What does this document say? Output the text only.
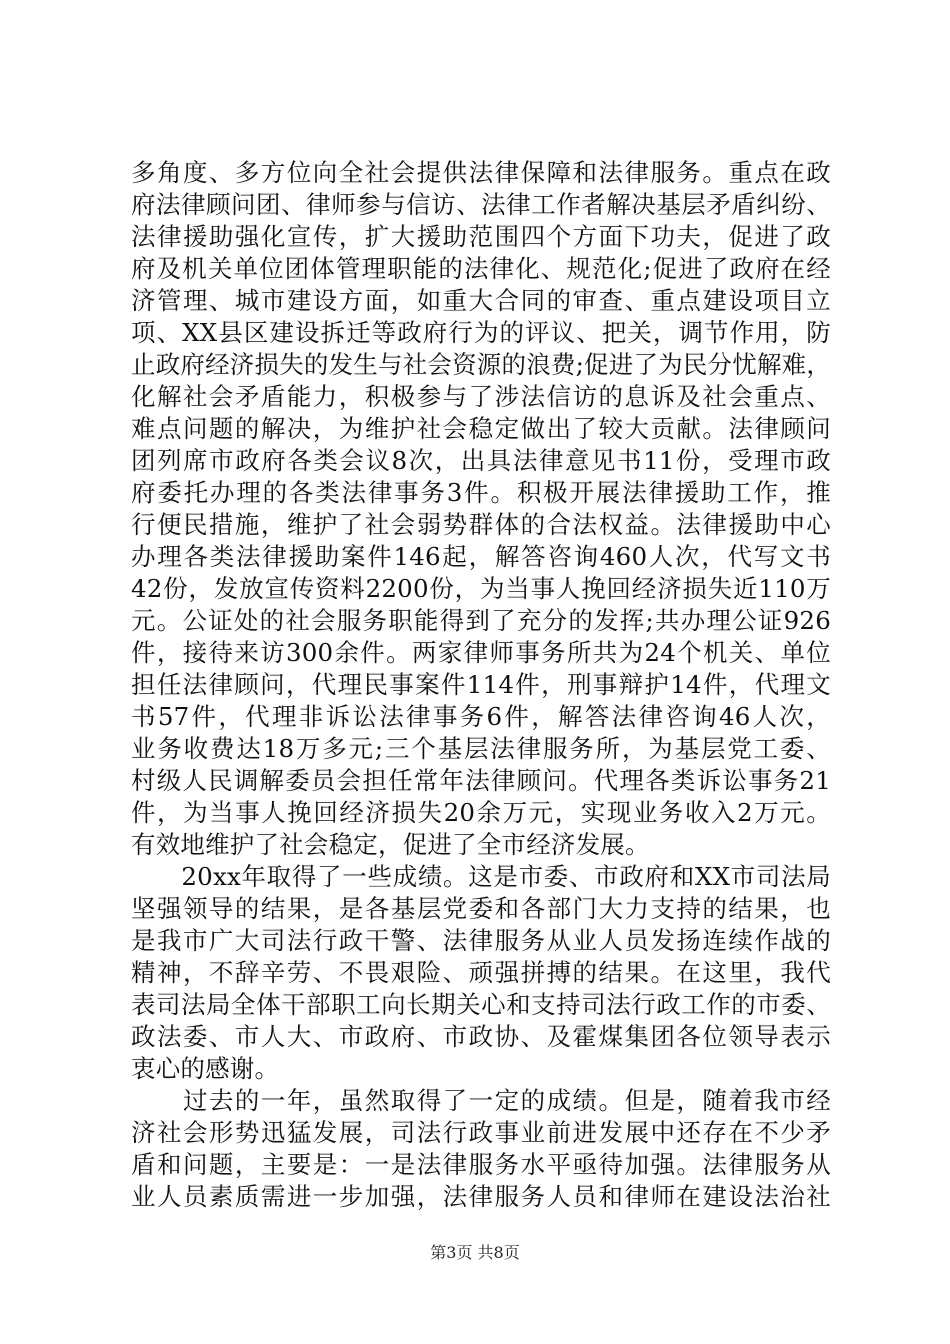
多角度、多方位向全社会提供法律保障和法律服务。重点在政
府法律顾问团、律师参与信访、法律工作者解决基层矛盾纠纷、
法律援助强化宣传，扩大援助范围四个方面下功夫，促进了政
府及机关单位团体管理职能的法律化、规范化;促进了政府在经
济管理、城市建设方面，如重大合同的审查、重点建设项目立
项、XX县区建设拆迁等政府行为的评议、把关，调节作用，防
止政府经济损失的发生与社会资源的浪费;促进了为民分忧解难，
化解社会矛盾能力，积极参与了涉法信访的息诉及社会重点、
难点问题的解决，为维护社会稳定做出了较大贡献。法律顾问
团列席市政府各类会议8次，出具法律意见书11份，受理市政
府委托办理的各类法律事务3件。积极开展法律援助工作，推
行便民措施，维护了社会弱势群体的合法权益。法律援助中心
办理各类法律援助案件146起，解答咨询460人次，代写文书
42份，发放宣传资料2200份，为当事人挽回经济损失近110万
元。公证处的社会服务职能得到了充分的发挥;共办理公证926
件，接待来访300余件。两家律师事务所共为24个机关、单位
担任法律顾问，代理民事案件114件，刑事辩护14件，代理文
书57件，代理非诉讼法律事务6件，解答法律咨询46人次，
业务收费达18万多元;三个基层法律服务所，为基层党工委、
村级人民调解委员会担任常年法律顾问。代理各类诉讼事务21
件，为当事人挽回经济损失20余万元，实现业务收入2万元。
有效地维护了社会稳定，促进了全市经济发展。
　　20xx年取得了一些成绩。这是市委、市政府和XX市司法局
坚强领导的结果，是各基层党委和各部门大力支持的结果，也
是我市广大司法行政干警、法律服务从业人员发扬连续作战的
精神，不辞辛劳、不畏艰险、顽强拼搏的结果。在这里，我代
表司法局全体干部职工向长期关心和支持司法行政工作的市委、
政法委、市人大、市政府、市政协、及霍煤集团各位领导表示
衷心的感谢。
　　过去的一年，虽然取得了一定的成绩。但是，随着我市经
济社会形势迅猛发展，司法行政事业前进发展中还存在不少矛
盾和问题，主要是：一是法律服务水平亟待加强。法律服务从
业人员素质需进一步加强，法律服务人员和律师在建设法治社
第3页 共8页
